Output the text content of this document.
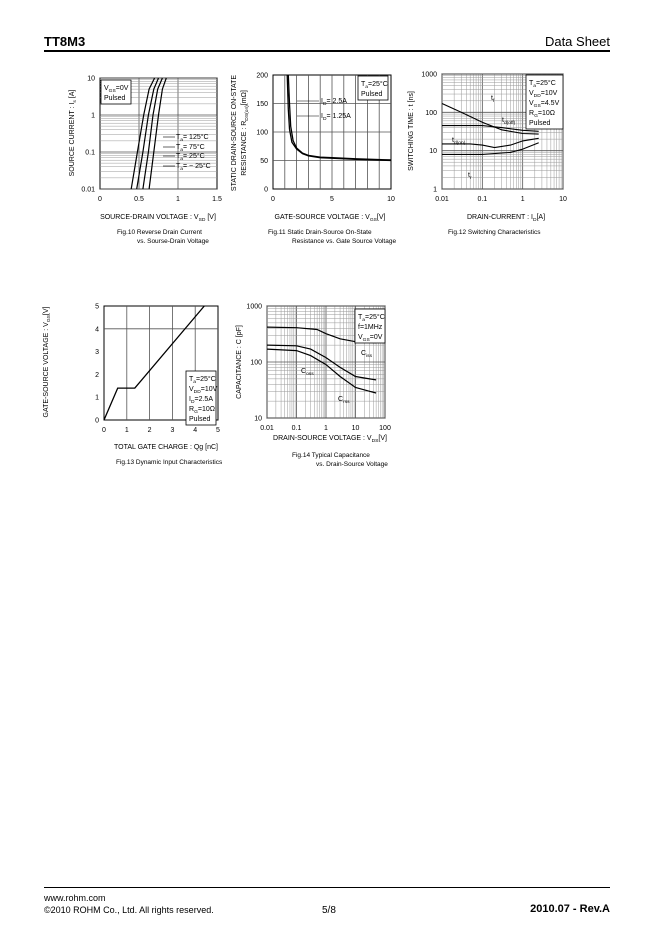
TT8M3	Data Sheet
0	0.5	1	1.5
10
1
0.1
0.01
$V_{GS}=0V$
Pulsed
$T_a= 125^\circ C$
$T_a= 75^\circ C$
$T_a= 25^\circ C$
$T_a= - 25^\circ C$
SOURCE-DRAIN VOLTAGE : $V_{SD}$ [V]
SOURCE CURRENT : $I_s$ [A]
Fig.10 Reverse Drain Current
vs. Sourse-Drain Voltage
0	5	10
200
150
100
50
0
$T_a=25^\circ C$
Pulsed
$I_D= 2.5A$
$I_D= 1.25A$
GATE-SOURCE VOLTAGE : $V_{GS}[V]$
STATIC DRAIN-SOURCE ON-STATE RESISTANCE : $R_{DS(on)}[m\Omega]$
Fig.11 Static Drain-Source On-State
Resistance vs. Gate Source Voltage
0.01	0.1	1	10
1000
100
10
1
$T_a=25^\circ C$
$V_{DD}=10V$
$V_{GS}=4.5V$
$R_G=10\Omega$
Pulsed
$t_f$
$t_{d(off)}$
$t_{d(on)}$
$t_r$
DRAIN-CURRENT : $I_D[A]$
SWITCHING TIME : t [ns]
Fig.12 Switching Characteristics
0	1	2	3	4	5
5
4
3
2
1
0
$T_a=25^\circ C$
$V_{DD}=10V$
$I_D=2.5A$
$R_G=10\Omega$
Pulsed
TOTAL GATE CHARGE : Qg [nC]
GATE-SOURCE VOLTAGE : $V_{GS}[V]$
Fig.13 Dynamic Input Characteristics
0.01	0.1	1	10	100
1000
100
10
$T_a=25^\circ C$
f=1MHz
$V_{GS}=0V$
$C_{iss}$
$C_{oss}$
$C_{rss}$
DRAIN-SOURCE VOLTAGE : $V_{DS}[V]$
CAPACITANCE : C [pF]
Fig.14 Typical Capacitance
vs. Drain-Source Voltage
www.rohm.com
©2010 ROHM Co., Ltd. All rights reserved.	5/8	2010.07 - Rev.A
